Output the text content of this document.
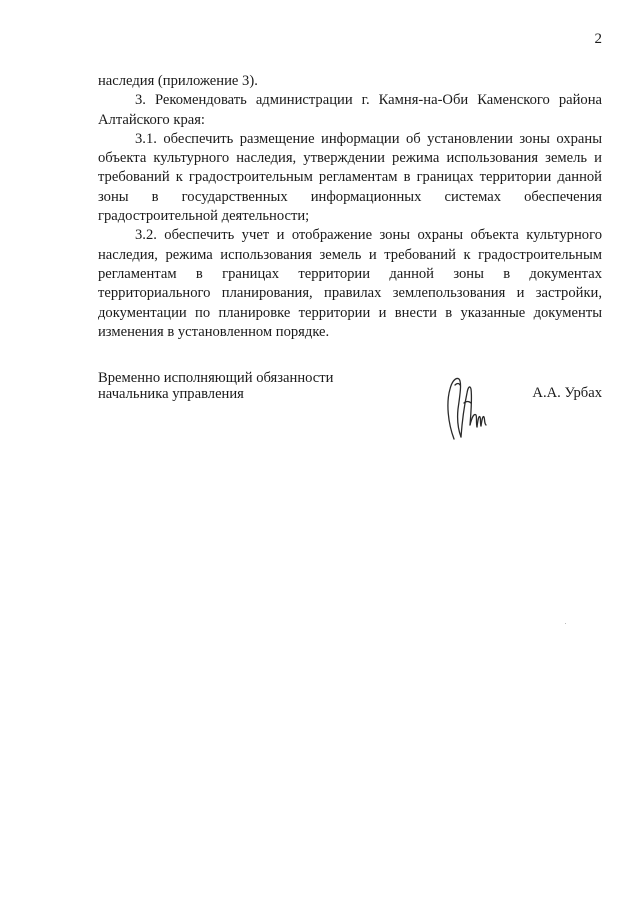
2

наследия (приложение 3).

3. Рекомендовать администрации г. Камня-на-Оби Каменского района Алтайского края:

3.1. обеспечить размещение информации об установлении зоны охраны объекта культурного наследия, утверждении режима использования земель и требований к градостроительным регламентам в границах территории данной зоны в государственных информационных системах обеспечения градостроительной деятельности;

3.2. обеспечить учет и отображение зоны охраны объекта культурного наследия, режима использования земель и требований к градостроительным регламентам в границах территории данной зоны в документах территориального планирования, правилах землепользования и застройки, документации по планировке территории и внести в указанные документы изменения в установленном порядке.

Временно исполняющий обязанности
начальника управления	А.А. Урбах
